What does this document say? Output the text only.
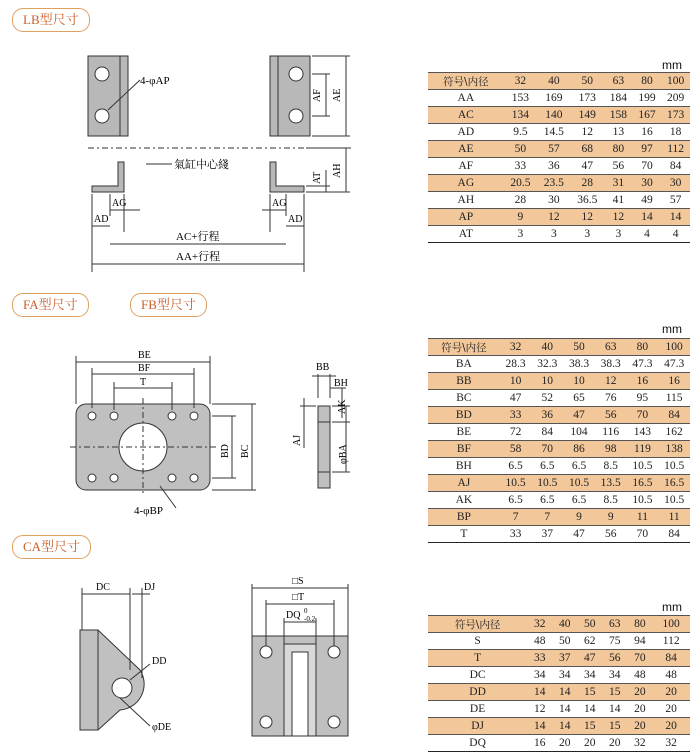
LB型尺寸
FA型尺寸	FB型尺寸
CA型尺寸
4-φAP
AF AE
氣缸中心綫
AT AH
AG
AD
AG
AD
AC+行程
AA+行程
BE
BF
T
BD BC
4-φBP
BB
BH
AK
AJ
φBA
DC	DJ
DD
φDE
□S
□T
DQ 0
-0.2
mm
mm
mm
符号\内径	32	40	50	63	80	100
AA	153	169	173	184	199	209
AC	134	140	149	158	167	173
AD	9.5	14.5	12	13	16	18
AE	50	57	68	80	97	112
AF	33	36	47	56	70	84
AG	20.5	23.5	28	31	30	30
AH	28	30	36.5	41	49	57
AP	9	12	12	12	14	14
AT	3	3	3	3	4	4
符号\内径	32	40	50	63	80	100
BA	28.3	32.3	38.3	38.3	47.3	47.3
BB	10	10	10	12	16	16
BC	47	52	65	76	95	115
BD	33	36	47	56	70	84
BE	72	84	104	116	143	162
BF	58	70	86	98	119	138
BH	6.5	6.5	6.5	8.5	10.5	10.5
AJ	10.5	10.5	10.5	13.5	16.5	16.5
AK	6.5	6.5	6.5	8.5	10.5	10.5
BP	7	7	9	9	11	11
T	33	37	47	56	70	84
符号\内径	32	40	50	63	80	100
S	48	50	62	75	94	112
T	33	37	47	56	70	84
DC	34	34	34	34	48	48
DD	14	14	15	15	20	20
DE	12	14	14	14	20	20
DJ	14	14	15	15	20	20
DQ	16	20	20	20	32	32
